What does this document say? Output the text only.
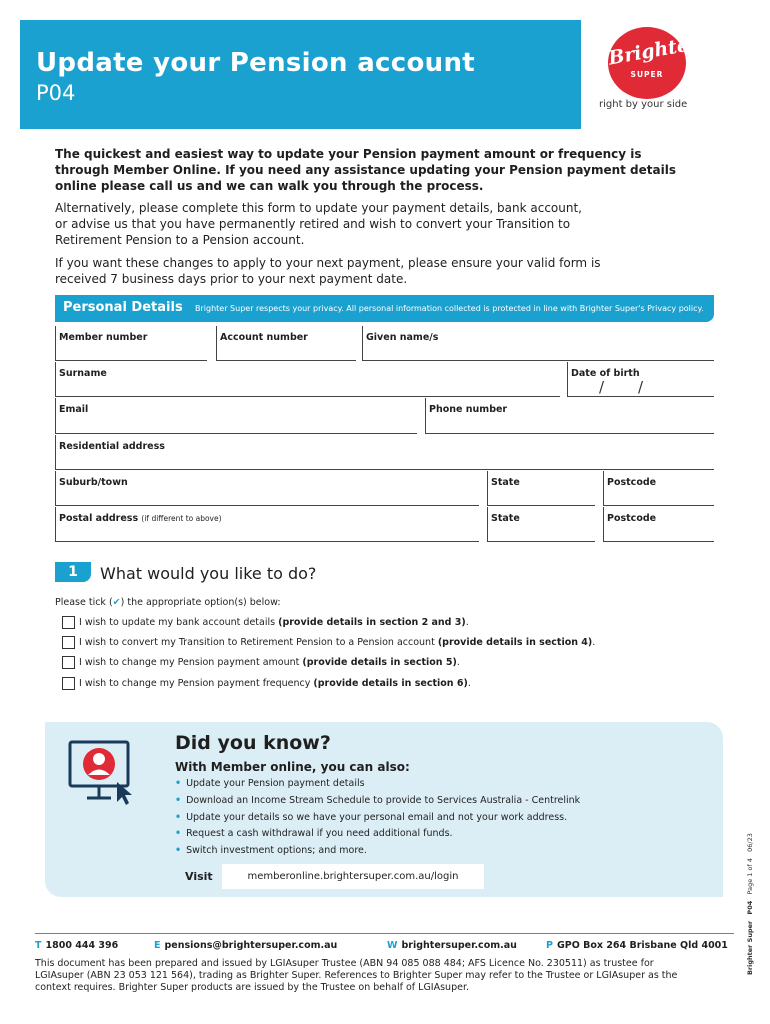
Update your Pension account
P04
Brighter
SUPER
right by your side
The quickest and easiest way to update your Pension payment amount or frequency is
through Member Online. If you need any assistance updating your Pension payment details
online please call us and we can walk you through the process.
Alternatively, please complete this form to update your payment details, bank account,
or advise us that you have permanently retired and wish to convert your Transition to
Retirement Pension to a Pension account.
If you want these changes to apply to your next payment, please ensure your valid form is
received 7 business days prior to your next payment date.
Personal Details Brighter Super respects your privacy. All personal information collected is protected in line with Brighter Super's Privacy policy.
Member number	Account number	Given name/s
Surname	Date of birth
/ /
Email	Phone number
Residential address
Suburb/town	State	Postcode
Postal address (if different to above)	State	Postcode
1	What would you like to do?
Please tick (✔) the appropriate option(s) below:
I wish to update my bank account details (provide details in section 2 and 3).
I wish to convert my Transition to Retirement Pension to a Pension account (provide details in section 4).
I wish to change my Pension payment amount (provide details in section 5).
I wish to change my Pension payment frequency (provide details in section 6).
Did you know?
With Member online, you can also:
• Update your Pension payment details
• Download an Income Stream Schedule to provide to Services Australia - Centrelink
• Update your details so we have your personal email and not your work address.
• Request a cash withdrawal if you need additional funds.
• Switch investment options; and more.
Visit	memberonline.brightersuper.com.au/login
Brighter Super   P04   Page 1 of 4   06/23
T 1800 444 396	E pensions@brightersuper.com.au	W brightersuper.com.au	P GPO Box 264 Brisbane Qld 4001
This document has been prepared and issued by LGIAsuper Trustee (ABN 94 085 088 484; AFS Licence No. 230511) as trustee for
LGIAsuper (ABN 23 053 121 564), trading as Brighter Super. References to Brighter Super may refer to the Trustee or LGIAsuper as the
context requires. Brighter Super products are issued by the Trustee on behalf of LGIAsuper.
